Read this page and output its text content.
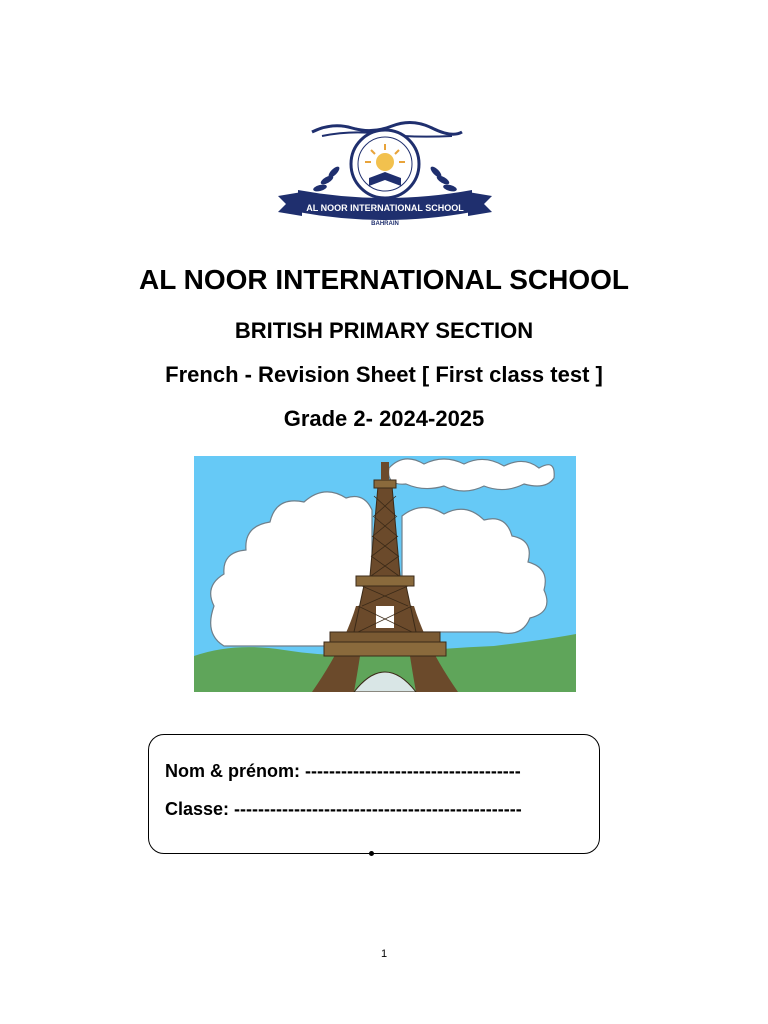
AL NOOR INTERNATIONAL SCHOOL
BAHRAIN
AL NOOR INTERNATIONAL SCHOOL
BRITISH PRIMARY SECTION
French - Revision Sheet [ First class test ]
Grade 2- 2024-2025
Nom & prénom: ------------------------------------
Classe: ------------------------------------------------
1
